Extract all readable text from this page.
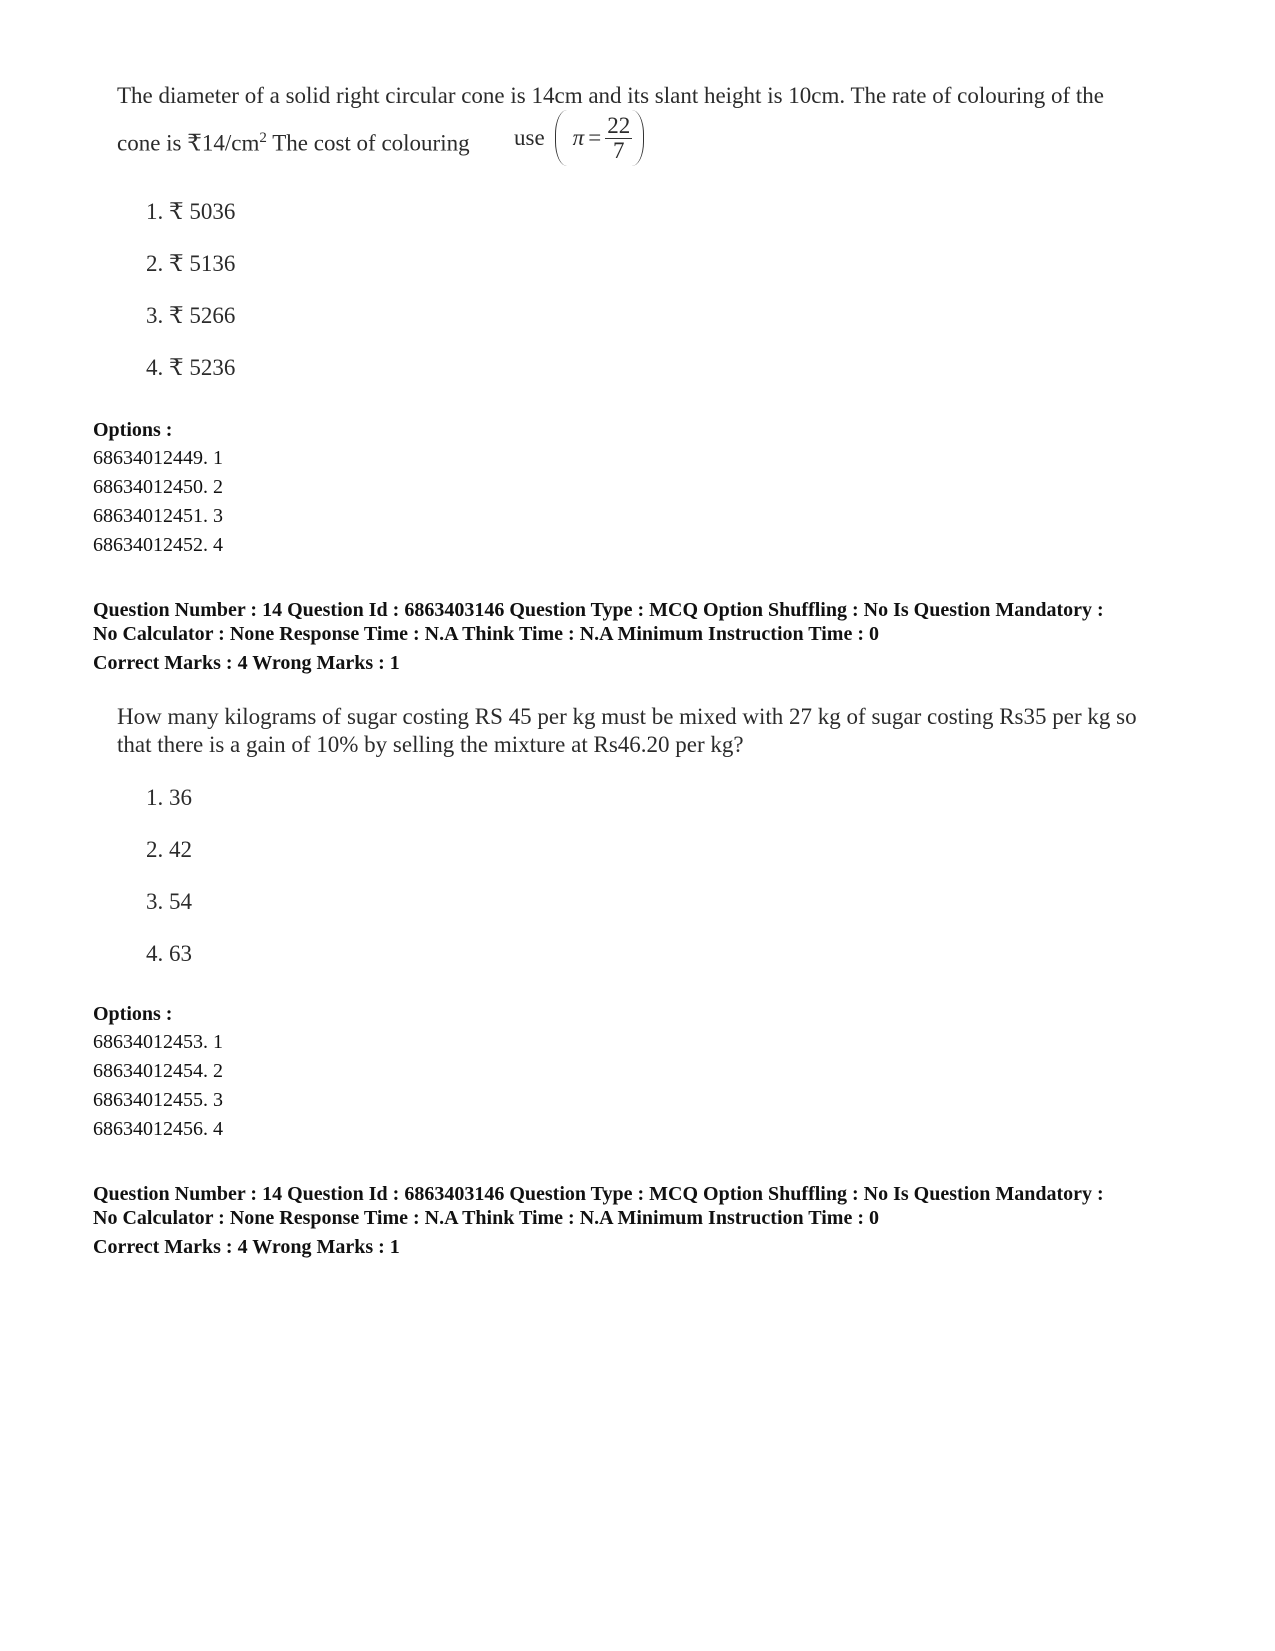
The diameter of a solid right circular cone is 14cm and its slant height is 10cm. The rate of colouring of the
cone is $₹14/cm^2$ The cost of colouring use $\pi = \frac{22}{7}$
1. ₹ 5036
2. ₹ 5136
3. ₹ 5266
4. ₹ 5236
Options :
68634012449. 1
68634012450. 2
68634012451. 3
68634012452. 4
Question Number : 14 Question Id : 6863403146 Question Type : MCQ Option Shuffling : No Is Question Mandatory :
No Calculator : None Response Time : N.A Think Time : N.A Minimum Instruction Time : 0
Correct Marks : 4 Wrong Marks : 1
How many kilograms of sugar costing RS 45 per kg must be mixed with 27 kg of sugar costing Rs35 per kg so
that there is a gain of 10% by selling the mixture at Rs46.20 per kg?
1. 36
2. 42
3. 54
4. 63
Options :
68634012453. 1
68634012454. 2
68634012455. 3
68634012456. 4
Question Number : 14 Question Id : 6863403146 Question Type : MCQ Option Shuffling : No Is Question Mandatory :
No Calculator : None Response Time : N.A Think Time : N.A Minimum Instruction Time : 0
Correct Marks : 4 Wrong Marks : 1
